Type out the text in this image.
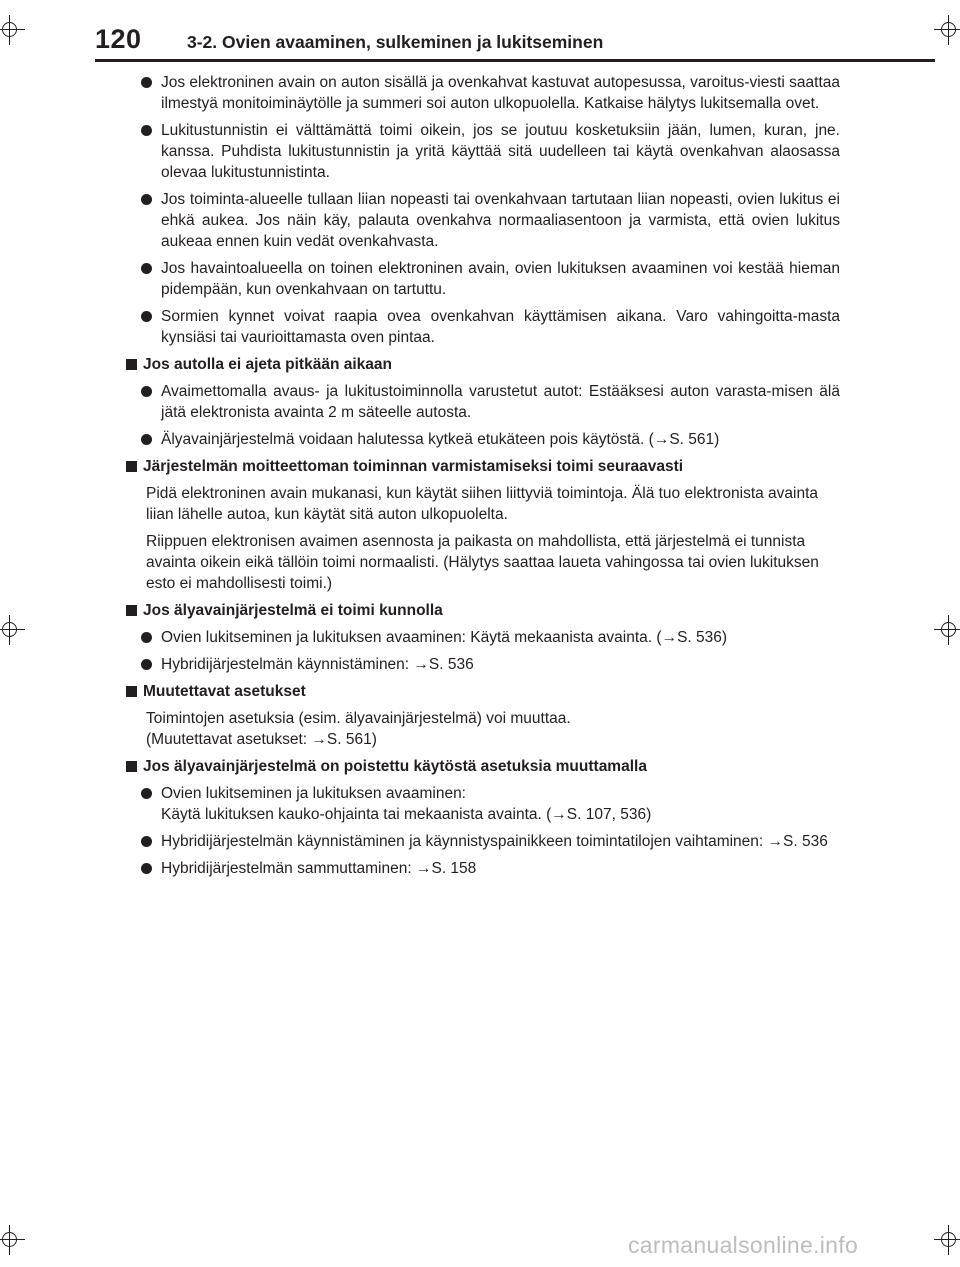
120	3-2. Ovien avaaminen, sulkeminen ja lukitseminen
Jos elektroninen avain on auton sisällä ja ovenkahvat kastuvat autopesussa, varoitus-viesti saattaa ilmestyä monitoiminäytölle ja summeri soi auton ulkopuolella. Katkaise hälytys lukitsemalla ovet.
Lukitustunnistin ei välttämättä toimi oikein, jos se joutuu kosketuksiin jään, lumen, kuran, jne. kanssa. Puhdista lukitustunnistin ja yritä käyttää sitä uudelleen tai käytä ovenkahvan alaosassa olevaa lukitustunnistinta.
Jos toiminta-alueelle tullaan liian nopeasti tai ovenkahvaan tartutaan liian nopeasti, ovien lukitus ei ehkä aukea. Jos näin käy, palauta ovenkahva normaaliasentoon ja varmista, että ovien lukitus aukeaa ennen kuin vedät ovenkahvasta.
Jos havaintoalueella on toinen elektroninen avain, ovien lukituksen avaaminen voi kestää hieman pidempään, kun ovenkahvaan on tartuttu.
Sormien kynnet voivat raapia ovea ovenkahvan käyttämisen aikana. Varo vahingoitta-masta kynsiäsi tai vaurioittamasta oven pintaa.
Jos autolla ei ajeta pitkään aikaan
Avaimettomalla avaus- ja lukitustoiminnolla varustetut autot: Estääksesi auton varasta-misen älä jätä elektronista avainta 2 m säteelle autosta.
Älyavainjärjestelmä voidaan halutessa kytkeä etukäteen pois käytöstä. (→S. 561)
Järjestelmän moitteettoman toiminnan varmistamiseksi toimi seuraavasti
Pidä elektroninen avain mukanasi, kun käytät siihen liittyviä toimintoja. Älä tuo elektronista avainta liian lähelle autoa, kun käytät sitä auton ulkopuolelta.
Riippuen elektronisen avaimen asennosta ja paikasta on mahdollista, että järjestelmä ei tunnista avainta oikein eikä tällöin toimi normaalisti. (Hälytys saattaa laueta vahingossa tai ovien lukituksen esto ei mahdollisesti toimi.)
Jos älyavainjärjestelmä ei toimi kunnolla
Ovien lukitseminen ja lukituksen avaaminen: Käytä mekaanista avainta. (→S. 536)
Hybridijärjestelmän käynnistäminen: →S. 536
Muutettavat asetukset
Toimintojen asetuksia (esim. älyavainjärjestelmä) voi muuttaa.
(Muutettavat asetukset: →S. 561)
Jos älyavainjärjestelmä on poistettu käytöstä asetuksia muuttamalla
Ovien lukitseminen ja lukituksen avaaminen:
Käytä lukituksen kauko-ohjainta tai mekaanista avainta. (→S. 107, 536)
Hybridijärjestelmän käynnistäminen ja käynnistyspainikkeen toimintatilojen vaihtaminen: →S. 536
Hybridijärjestelmän sammuttaminen: →S. 158
carmanualsonline.info
